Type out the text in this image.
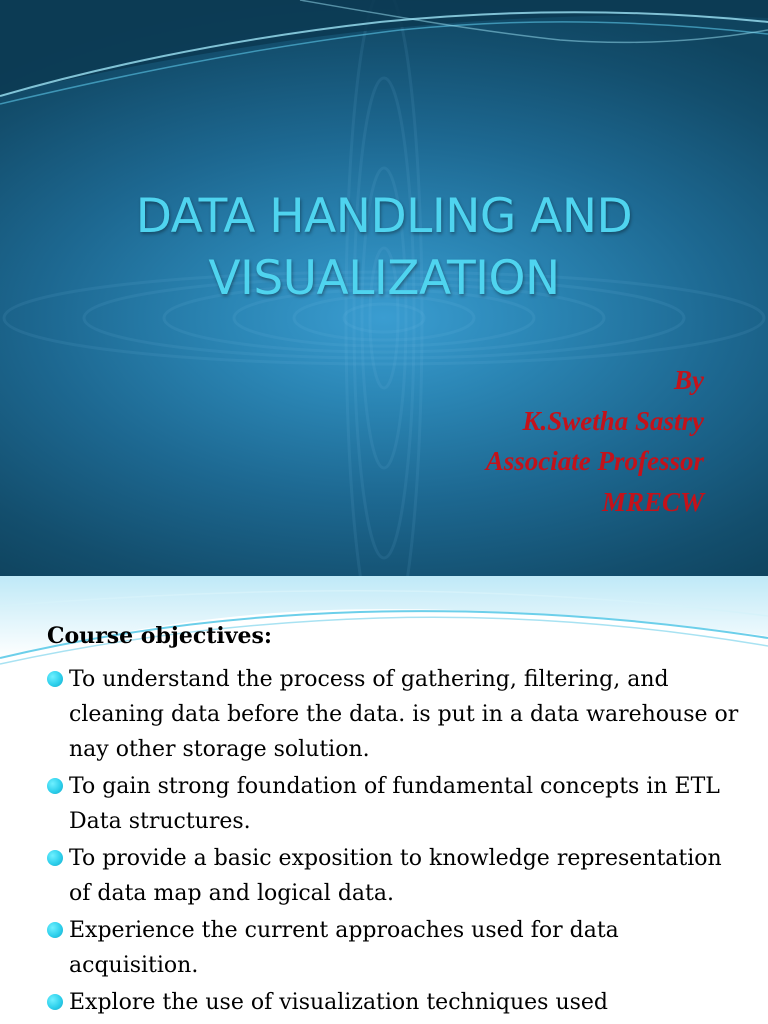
DATA HANDLING AND
VISUALIZATION
By
K.Swetha Sastry
Associate Professor
MRECW
Course objectives:
To understand the process of gathering, filtering, and cleaning data before the data. is put in a data warehouse or nay other storage solution.
To gain strong foundation of fundamental concepts in ETL Data structures.
To provide a basic exposition to knowledge representation of data map and logical data.
Experience the current approaches used for data acquisition.
Explore the use of visualization techniques used
